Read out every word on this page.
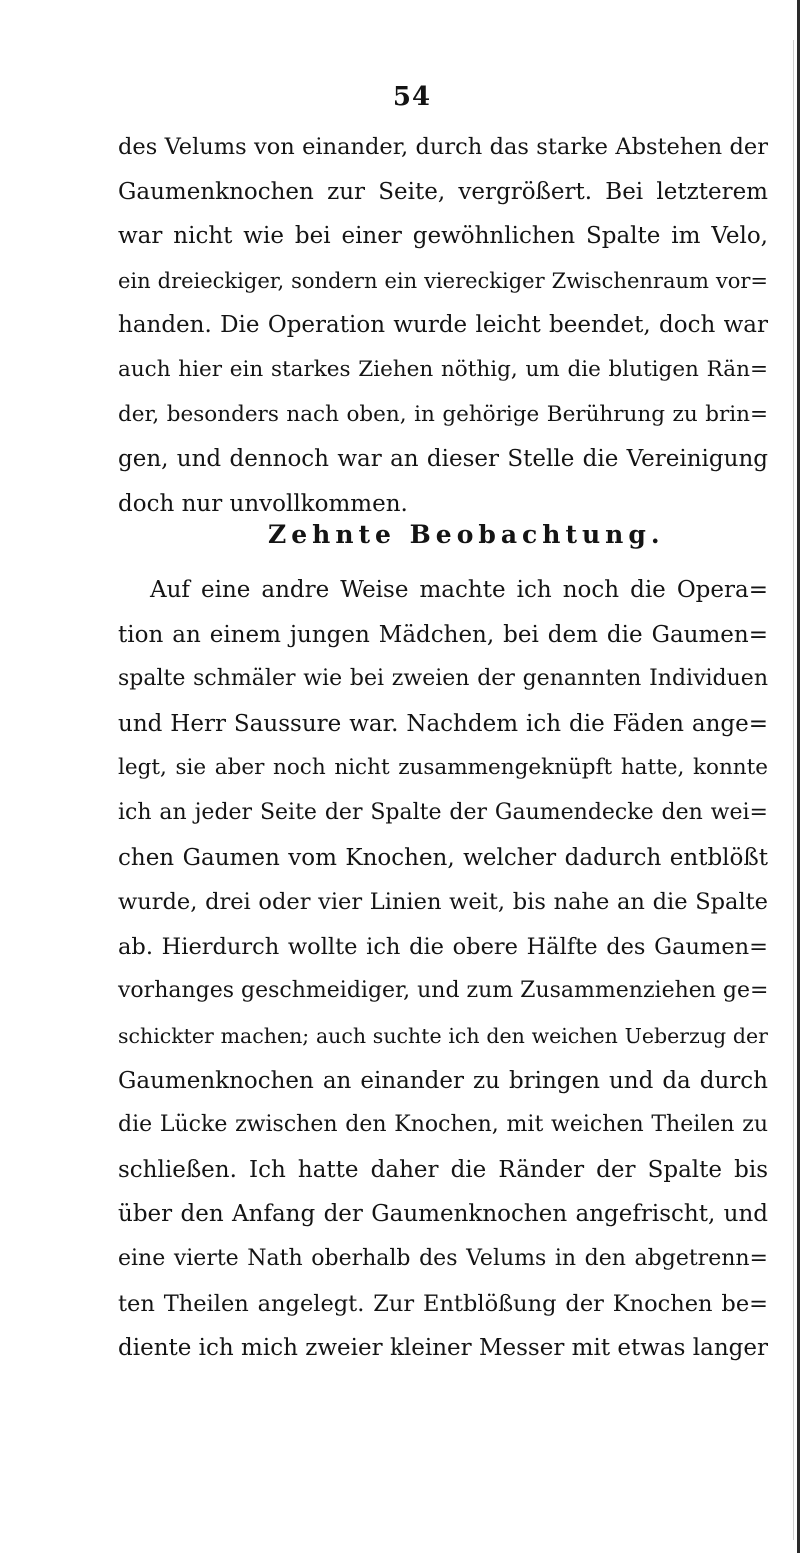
54
des Velums von einander, durch das starke Abstehen der
Gaumenknochen zur Seite, vergrößert. Bei letzterem
war nicht wie bei einer gewöhnlichen Spalte im Velo,
ein dreieckiger, sondern ein viereckiger Zwischenraum vor=
handen. Die Operation wurde leicht beendet, doch war
auch hier ein starkes Ziehen nöthig, um die blutigen Rän=
der, besonders nach oben, in gehörige Berührung zu brin=
gen, und dennoch war an dieser Stelle die Vereinigung
doch nur unvollkommen.
Zehnte Beobachtung.
Auf eine andre Weise machte ich noch die Opera=
tion an einem jungen Mädchen, bei dem die Gaumen=
spalte schmäler wie bei zweien der genannten Individuen
und Herr Saussure war. Nachdem ich die Fäden ange=
legt, sie aber noch nicht zusammengeknüpft hatte, konnte
ich an jeder Seite der Spalte der Gaumendecke den wei=
chen Gaumen vom Knochen, welcher dadurch entblößt
wurde, drei oder vier Linien weit, bis nahe an die Spalte
ab. Hierdurch wollte ich die obere Hälfte des Gaumen=
vorhanges geschmeidiger, und zum Zusammenziehen ge=
schickter machen; auch suchte ich den weichen Ueberzug der
Gaumenknochen an einander zu bringen und da durch
die Lücke zwischen den Knochen, mit weichen Theilen zu
schließen. Ich hatte daher die Ränder der Spalte bis
über den Anfang der Gaumenknochen angefrischt, und
eine vierte Nath oberhalb des Velums in den abgetrenn=
ten Theilen angelegt. Zur Entblößung der Knochen be=
diente ich mich zweier kleiner Messer mit etwas langer
